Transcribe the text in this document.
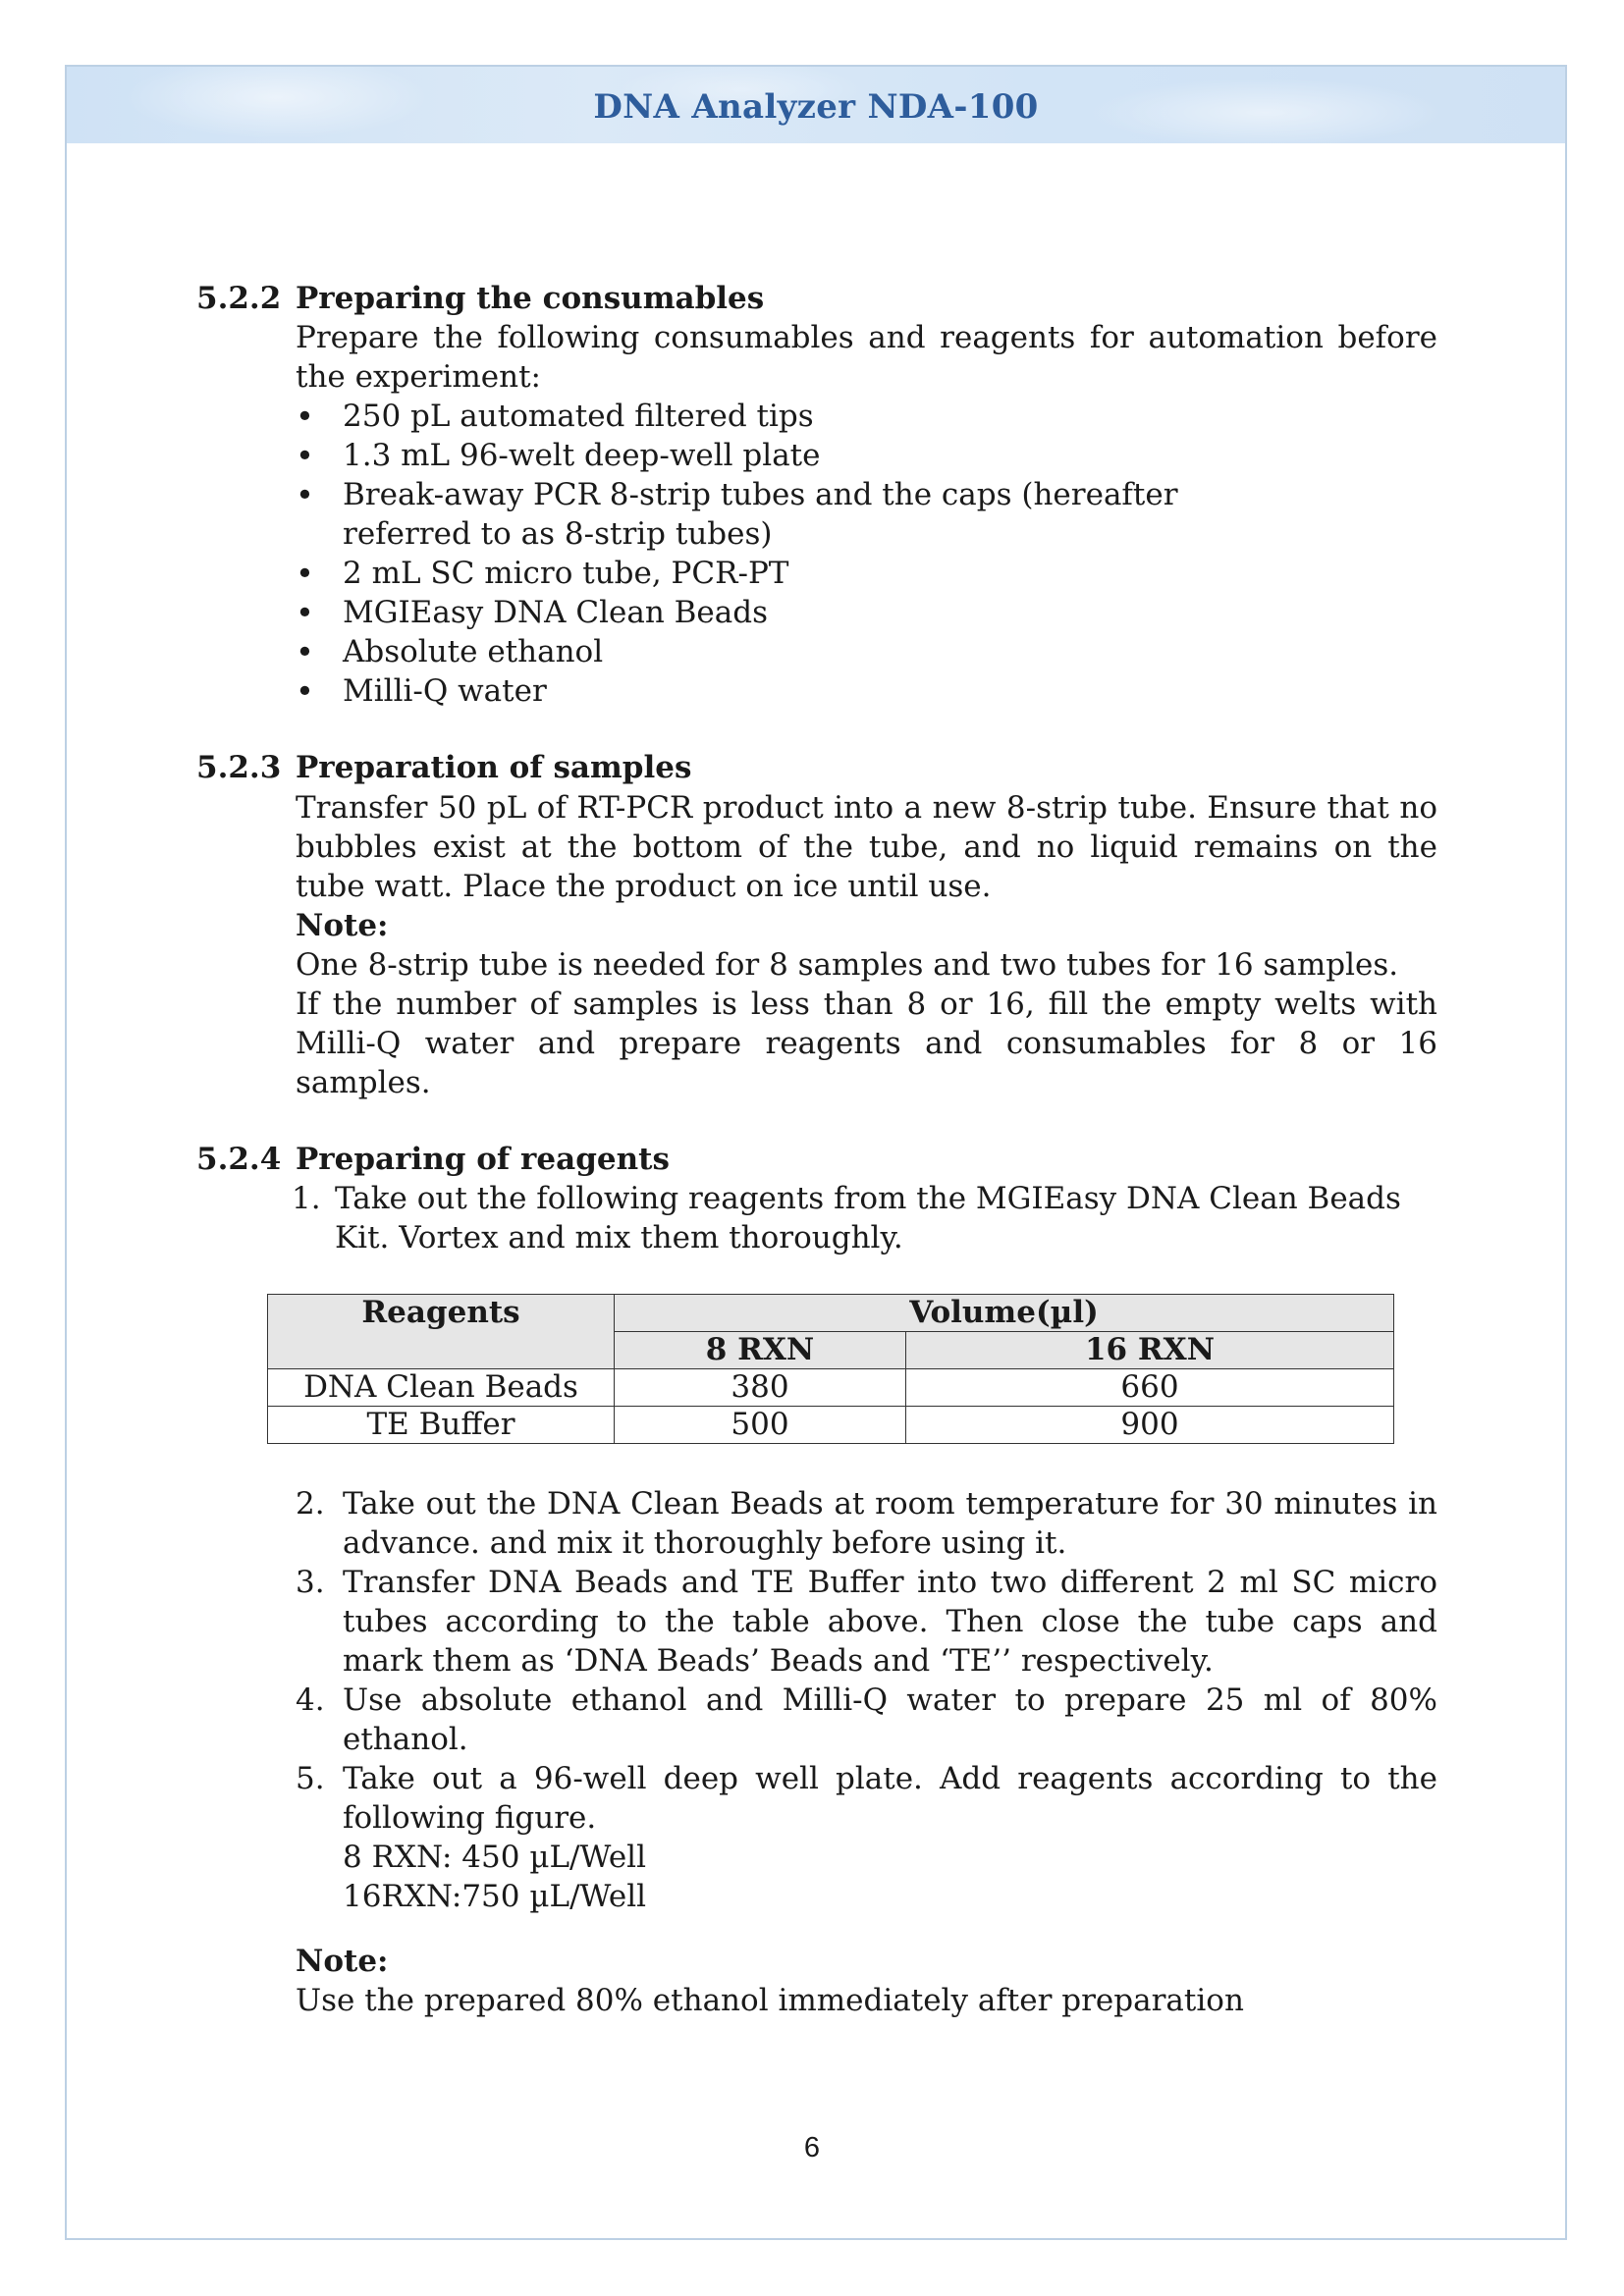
DNA Analyzer NDA-100
5.2.2 Preparing the consumables
Prepare the following consumables and reagents for automation before the experiment:
• 250 pL automated filtered tips
• 1.3 mL 96-welt deep-well plate
• Break-away PCR 8-strip tubes and the caps (hereafter referred to as 8-strip tubes)
• 2 mL SC micro tube, PCR-PT
• MGIEasy DNA Clean Beads
• Absolute ethanol
• Milli-Q water
5.2.3 Preparation of samples
Transfer 50 pL of RT-PCR product into a new 8-strip tube. Ensure that no bubbles exist at the bottom of the tube, and no liquid remains on the tube watt. Place the product on ice until use.
Note:
One 8-strip tube is needed for 8 samples and two tubes for 16 samples.
If the number of samples is less than 8 or 16, fill the empty welts with Milli-Q water and prepare reagents and consumables for 8 or 16 samples.
5.2.4 Preparing of reagents
1. Take out the following reagents from the MGIEasy DNA Clean Beads Kit. Vortex and mix them thoroughly.
Reagents	Volume(µl)	
	8 RXN	16 RXN
DNA Clean Beads	380	660
TE Buffer	500	900
2. Take out the DNA Clean Beads at room temperature for 30 minutes in advance. and mix it thoroughly before using it.
3. Transfer DNA Beads and TE Buffer into two different 2 ml SC micro tubes according to the table above. Then close the tube caps and mark them as ‘DNA Beads’ Beads and ‘TE’’ respectively.
4. Use absolute ethanol and Milli-Q water to prepare 25 ml of 80% ethanol.
5. Take out a 96-well deep well plate. Add reagents according to the following figure.
8 RXN: 450 µL/Well
16RXN:750 µL/Well
Note:
Use the prepared 80% ethanol immediately after preparation
6
